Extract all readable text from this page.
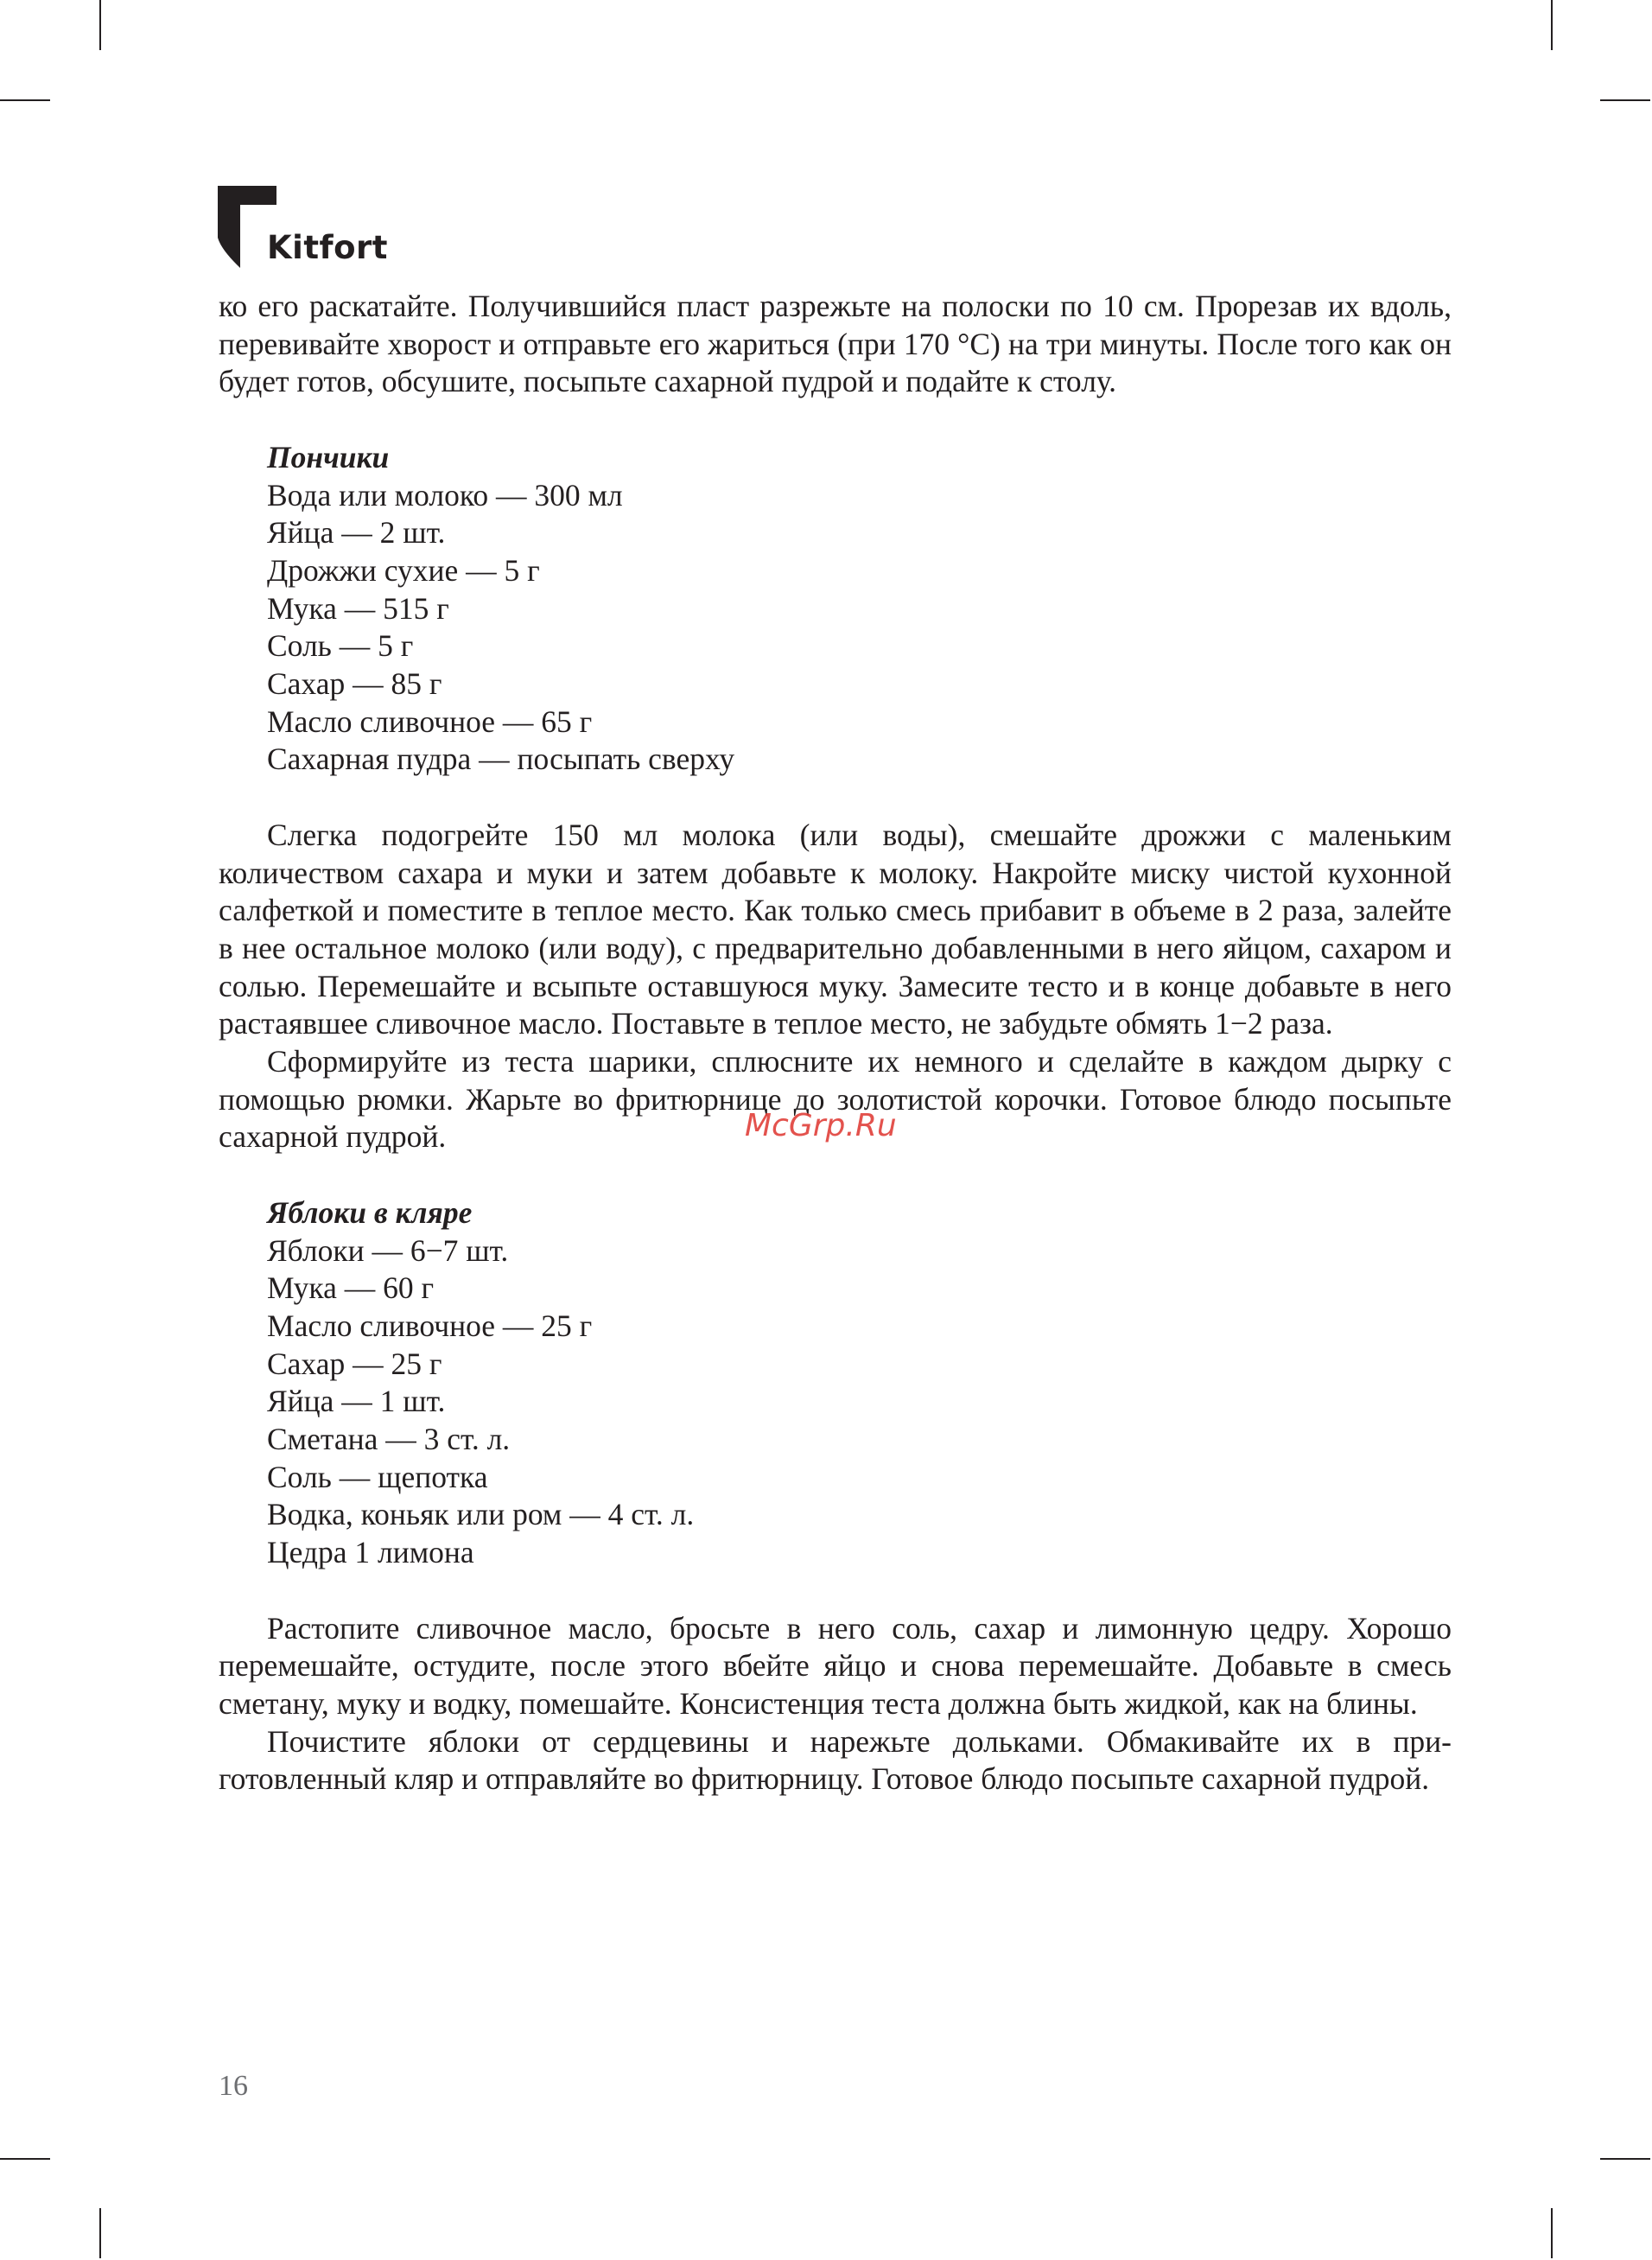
Kitfort

ко его раскатайте. Получившийся пласт разрежьте на полоски по 10 см. Прорезав их вдоль, перевивайте хворост и отправьте его жариться (при 170 °C) на три минуты. После того как он будет готов, обсушите, посыпьте сахарной пудрой и подайте к столу.

Пончики

Вода или молоко — 300 мл

Яйца — 2 шт.

Дрожжи сухие — 5 г

Мука — 515 г

Соль — 5 г

Сахар — 85 г

Масло сливочное — 65 г

Сахарная пудра — посыпать сверху

Слегка подогрейте 150 мл молока (или воды), смешайте дрожжи с маленьким количеством сахара и муки и затем добавьте к молоку. Накройте миску чистой кухонной салфеткой и поместите в теплое место. Как только смесь прибавит в объеме в 2 раза, залейте в нее остальное молоко (или воду), с предварительно добавленными в него яйцом, сахаром и солью. Перемешайте и всыпьте оставшуюся муку. Замесите тесто и в конце добавьте в него растаявшее сливочное масло. Поставьте в теплое место, не забудьте обмять 1−2 раза.

Сформируйте из теста шарики, сплюсните их немного и сделайте в каждом дырку с помощью рюмки. Жарьте во фритюрнице до золотистой корочки. Готовое блюдо посыпьте сахарной пудрой.

Яблоки в кляре

Яблоки — 6−7 шт.

Мука — 60 г

Масло сливочное — 25 г

Сахар — 25 г

Яйца — 1 шт.

Сметана — 3 ст. л.

Соль — щепотка

Водка, коньяк или ром — 4 ст. л.

Цедра 1 лимона

Растопите сливочное масло, бросьте в него соль, сахар и лимонную цедру. Хорошо перемешайте, остудите, после этого вбейте яйцо и снова перемешайте. Добавьте в смесь сметану, муку и водку, помешайте. Консистенция теста должна быть жидкой, как на блины.

Почистите яблоки от сердцевины и нарежьте дольками. Обмакивайте их в приготовленный кляр и отправляйте во фритюрницу. Готовое блюдо посыпьте сахарной пудрой.

McGrp.Ru
16
